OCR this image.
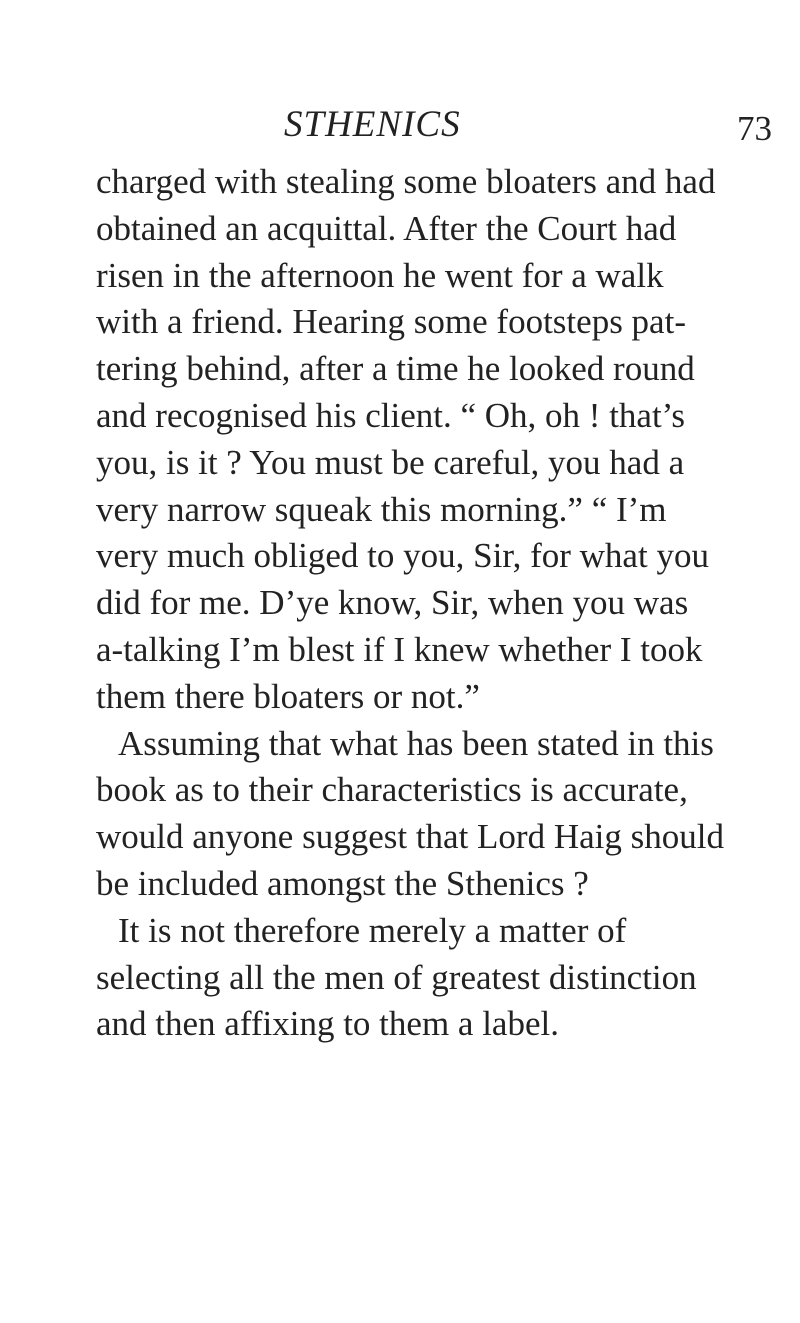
STHENICS	73
charged with stealing some bloaters and had
obtained an acquittal. After the Court had
risen in the afternoon he went for a walk
with a friend. Hearing some footsteps pat-
tering behind, after a time he looked round
and recognised his client. “ Oh, oh ! that’s
you, is it ? You must be careful, you had a
very narrow squeak this morning.” “ I’m
very much obliged to you, Sir, for what you
did for me. D’ye know, Sir, when you was
a-talking I’m blest if I knew whether I took
them there bloaters or not.”
Assuming that what has been stated in this
book as to their characteristics is accurate,
would anyone suggest that Lord Haig should
be included amongst the Sthenics ?
It is not therefore merely a matter of
selecting all the men of greatest distinction
and then affixing to them a label.
